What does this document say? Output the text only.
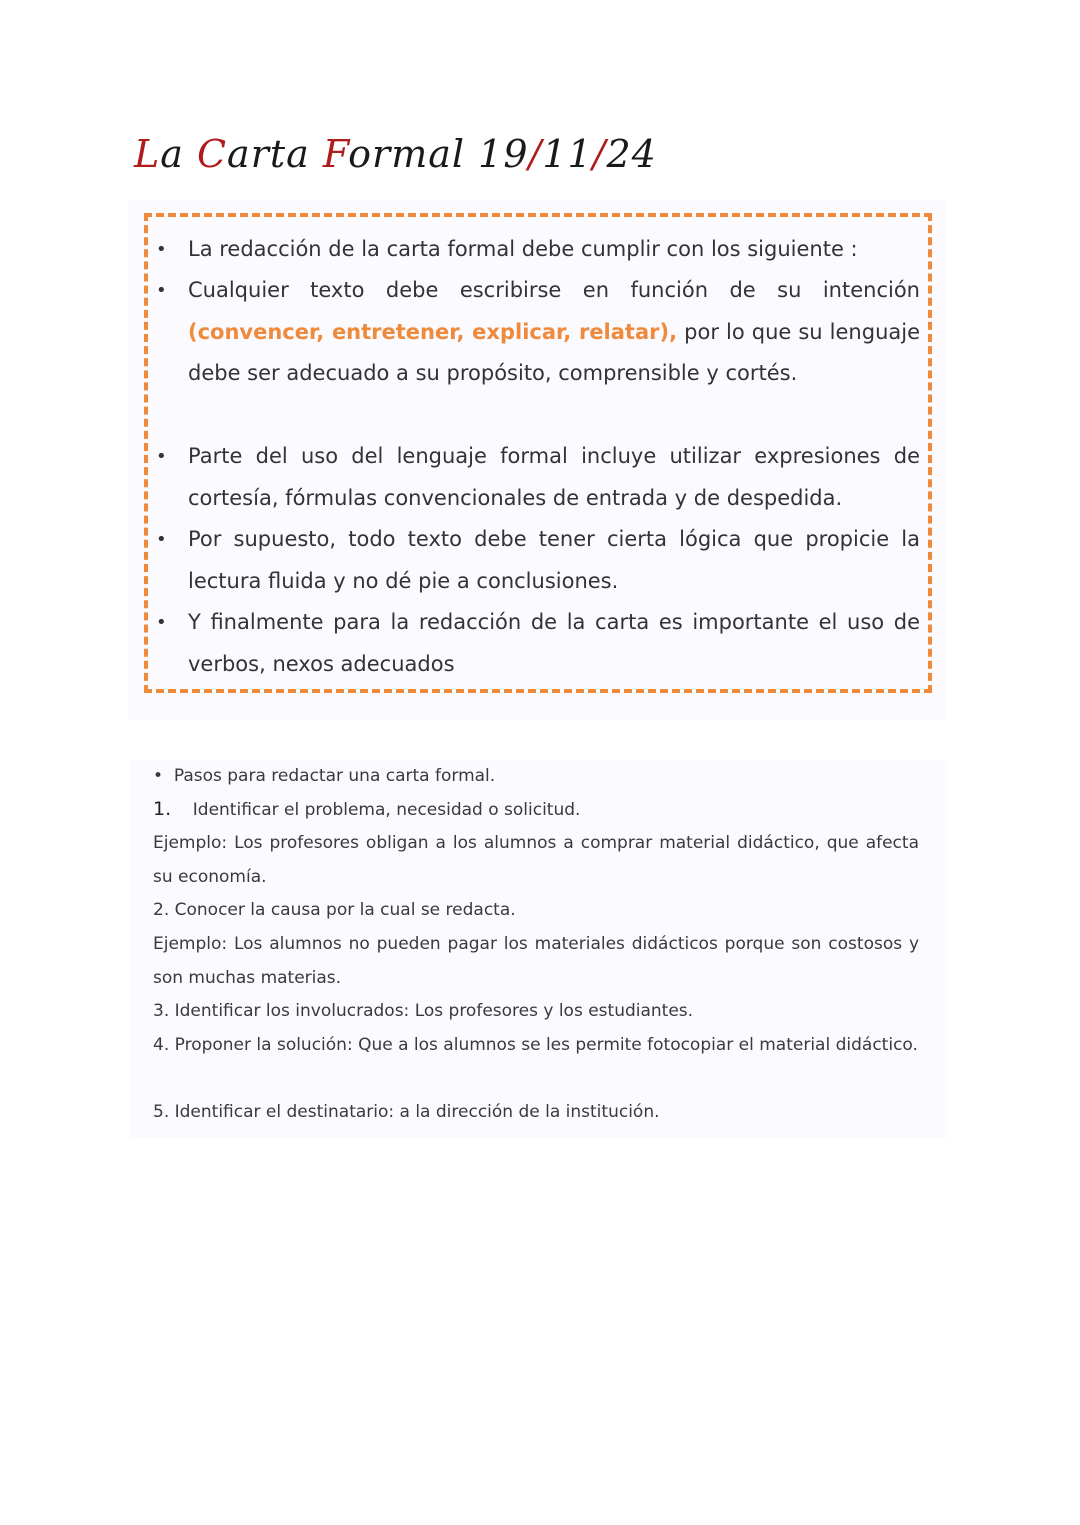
La Carta Formal 19/11/24
• La redacción de la carta formal debe cumplir con los siguiente :
• Cualquier texto debe escribirse en función de su intención (convencer, entretener, explicar, relatar), por lo que su lenguaje debe ser adecuado a su propósito, comprensible y cortés.
• Parte del uso del lenguaje formal incluye utilizar expresiones de cortesía, fórmulas convencionales de entrada y de despedida.
• Por supuesto, todo texto debe tener cierta lógica que propicie la lectura fluida y no dé pie a conclusiones.
• Y finalmente para la redacción de la carta es importante el uso de verbos, nexos adecuados
• Pasos para redactar una carta formal.
1. Identificar el problema, necesidad o solicitud.
Ejemplo: Los profesores obligan a los alumnos a comprar material didáctico, que afecta su economía.
2. Conocer la causa por la cual se redacta.
Ejemplo: Los alumnos no pueden pagar los materiales didácticos porque son costosos y son muchas materias.
3. Identificar los involucrados: Los profesores y los estudiantes.
4. Proponer la solución: Que a los alumnos se les permite fotocopiar el material didáctico.
5. Identificar el destinatario: a la dirección de la institución.
